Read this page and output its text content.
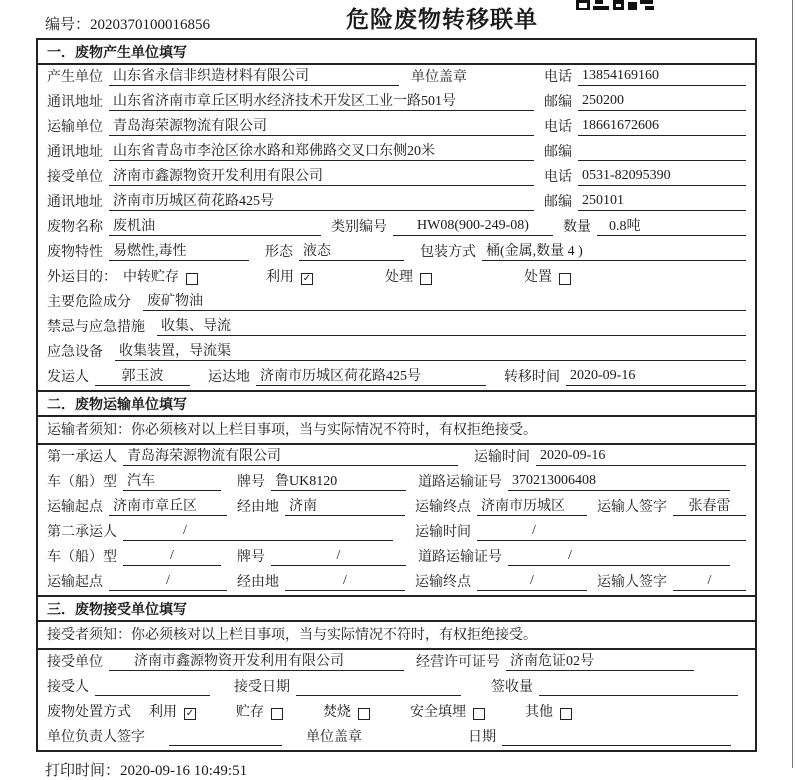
编号：2020370100016856	危险废物转移联单
一．废物产生单位填写
产生单位 山东省永信非织造材料有限公司	单位盖章	电话 13854169160
通讯地址 山东省济南市章丘区明水经济技术开发区工业一路501号	邮编 250200
运输单位 青岛海荣源物流有限公司	电话 18661672606
通讯地址 山东省青岛市李沧区徐水路和郑佛路交叉口东侧20米	邮编
接受单位 济南市鑫源物资开发利用有限公司	电话 0531-82095390
通讯地址 济南市历城区荷花路425号	邮编 250101
废物名称 废机油	类别编号	HW08(900-249-08)	数量	0.8吨
废物特性 易燃性,毒性	形态 液态	包装方式 桶(金属,数量 4 )
外运目的： 中转贮存	利用 ✓	处理	处置
主要危险成分 废矿物油
禁忌与应急措施 收集、导流
应急设备 收集装置，导流渠
发运人	郭玉波	运达地 济南市历城区荷花路425号	转移时间 2020-09-16
二．废物运输单位填写
运输者须知：你必须核对以上栏目事项，当与实际情况不符时，有权拒绝接受。
第一承运人 青岛海荣源物流有限公司	运输时间 2020-09-16
车（船）型 汽车	牌号 鲁UK8120	道路运输证号 370213006408
运输起点 济南市章丘区	经由地 济南	运输终点 济南市历城区	运输人签字	张春雷
第二承运人	/	运输时间	/
车（船）型	/	牌号	/	道路运输证号	/
运输起点	/	经由地	/	运输终点	/	运输人签字	/
三．废物接受单位填写
接受者须知：你必须核对以上栏目事项，当与实际情况不符时，有权拒绝接受。
接受单位	济南市鑫源物资开发利用有限公司	经营许可证号 济南危证02号
接受人	接受日期	签收量
废物处置方式 利用 ✓	贮存	焚烧	安全填埋	其他
单位负责人签字	单位盖章	日期
打印时间：2020-09-16 10:49:51
